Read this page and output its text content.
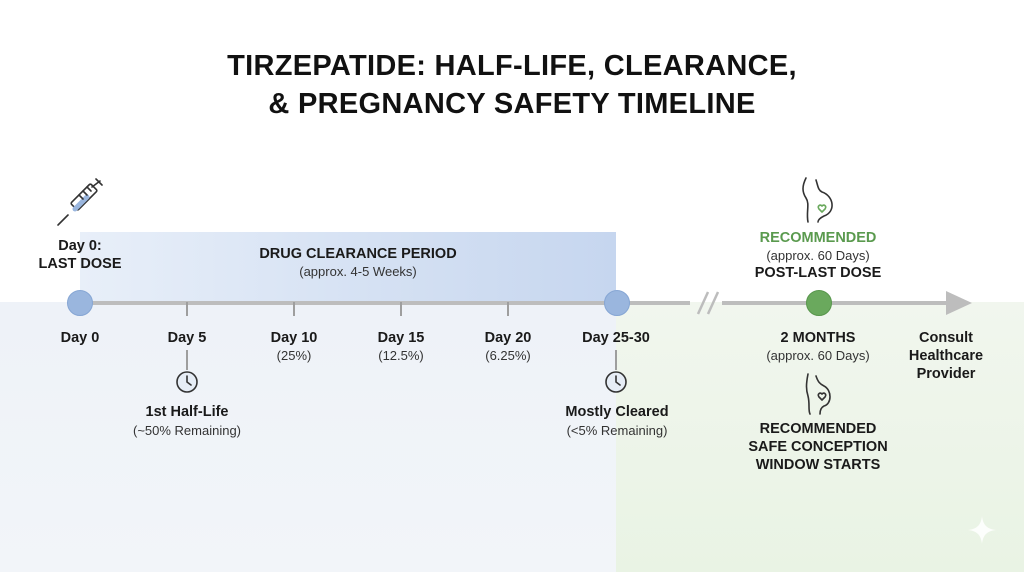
TIRZEPATIDE: HALF-LIFE, CLEARANCE,
& PREGNANCY SAFETY TIMELINE
Day 0:
LAST DOSE
DRUG CLEARANCE PERIOD
(approx. 4-5 Weeks)
RECOMMENDED
(approx. 60 Days)
POST-LAST DOSE
Day 0	Day 5	Day 10
(25%)
Day 15
(12.5%)
Day 20
(6.25%)
Day 25-30
1st Half-Life
(~50% Remaining)
Mostly Cleared
(<5% Remaining)
2 MONTHS
(approx. 60 Days)
RECOMMENDED
SAFE CONCEPTION
WINDOW STARTS
Consult
Healthcare
Provider
